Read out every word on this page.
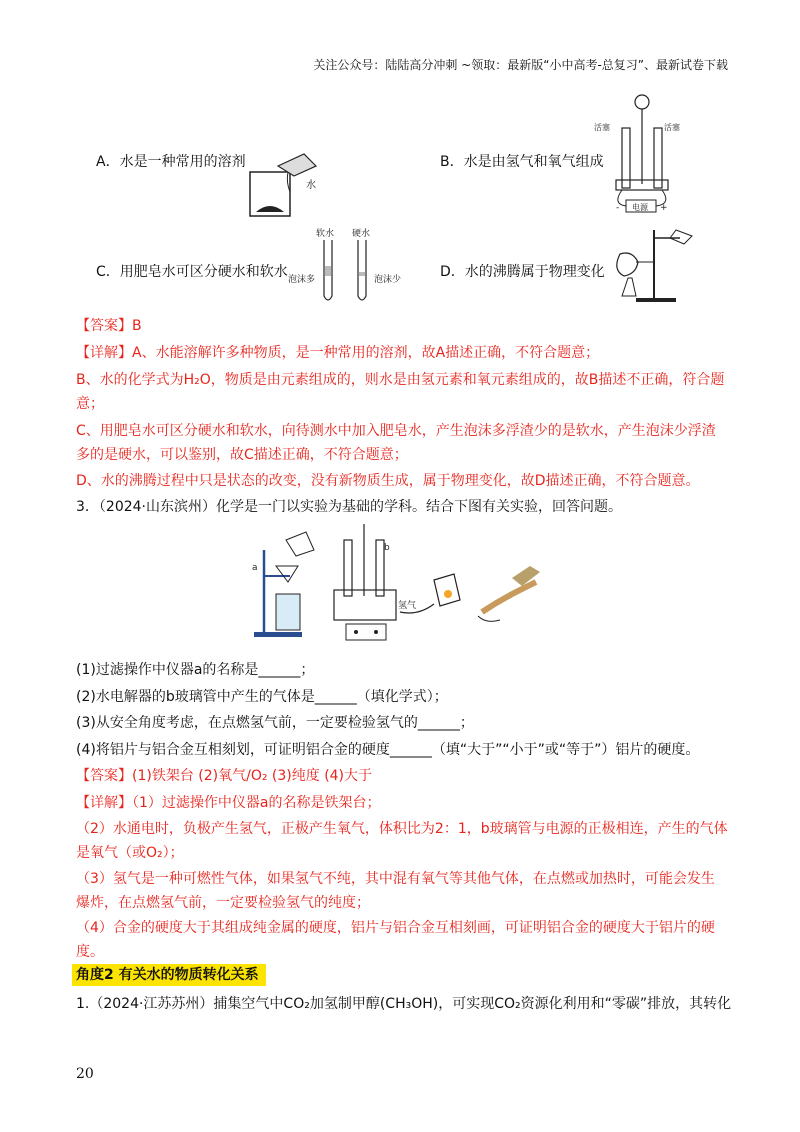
关注公众号：陆陆高分冲刺 ~领取：最新版“小中高考-总复习”、最新试卷下载
A．水是一种常用的溶剂
水
B．水是由氢气和氧气组成
活塞	活塞
电源
-	+
C．用肥皂水可区分硬水和软水
软水 硬水
泡沫多	泡沫少	D．水的沸腾属于物理变化
【答案】B
【详解】A、水能溶解许多种物质，是一种常用的溶剂，故A描述正确，不符合题意；
B、水的化学式为H₂O，物质是由元素组成的，则水是由氢元素和氧元素组成的，故B描述不正确，符合题
意；
C、用肥皂水可区分硬水和软水，向待测水中加入肥皂水，产生泡沫多浮渣少的是软水，产生泡沫少浮渣
多的是硬水，可以鉴别，故C描述正确，不符合题意；
D、水的沸腾过程中只是状态的改变，没有新物质生成，属于物理变化，故D描述正确，不符合题意。
3．（2024·山东滨州）化学是一门以实验为基础的学科。结合下图有关实验，回答问题。
a
b
氢气
(1)过滤操作中仪器a的名称是______；
(2)水电解器的b玻璃管中产生的气体是______（填化学式）；
(3)从安全角度考虑，在点燃氢气前，一定要检验氢气的______；
(4)将铝片与铝合金互相刻划，可证明铝合金的硬度______（填“大于”“小于”或“等于”）铝片的硬度。
【答案】(1)铁架台 (2)氧气/O₂ (3)纯度 (4)大于
【详解】（1）过滤操作中仪器a的名称是铁架台；
（2）水通电时，负极产生氢气，正极产生氧气，体积比为2：1，b玻璃管与电源的正极相连，产生的气体
是氧气（或O₂）；
（3）氢气是一种可燃性气体，如果氢气不纯，其中混有氧气等其他气体，在点燃或加热时，可能会发生
爆炸，在点燃氢气前，一定要检验氢气的纯度；
（4）合金的硬度大于其组成纯金属的硬度，铝片与铝合金互相刻画，可证明铝合金的硬度大于铝片的硬
度。
角度2 有关水的物质转化关系
1.（2024·江苏苏州）捕集空气中CO₂加氢制甲醇(CH₃OH)，可实现CO₂资源化利用和“零碳”排放，其转化
20
